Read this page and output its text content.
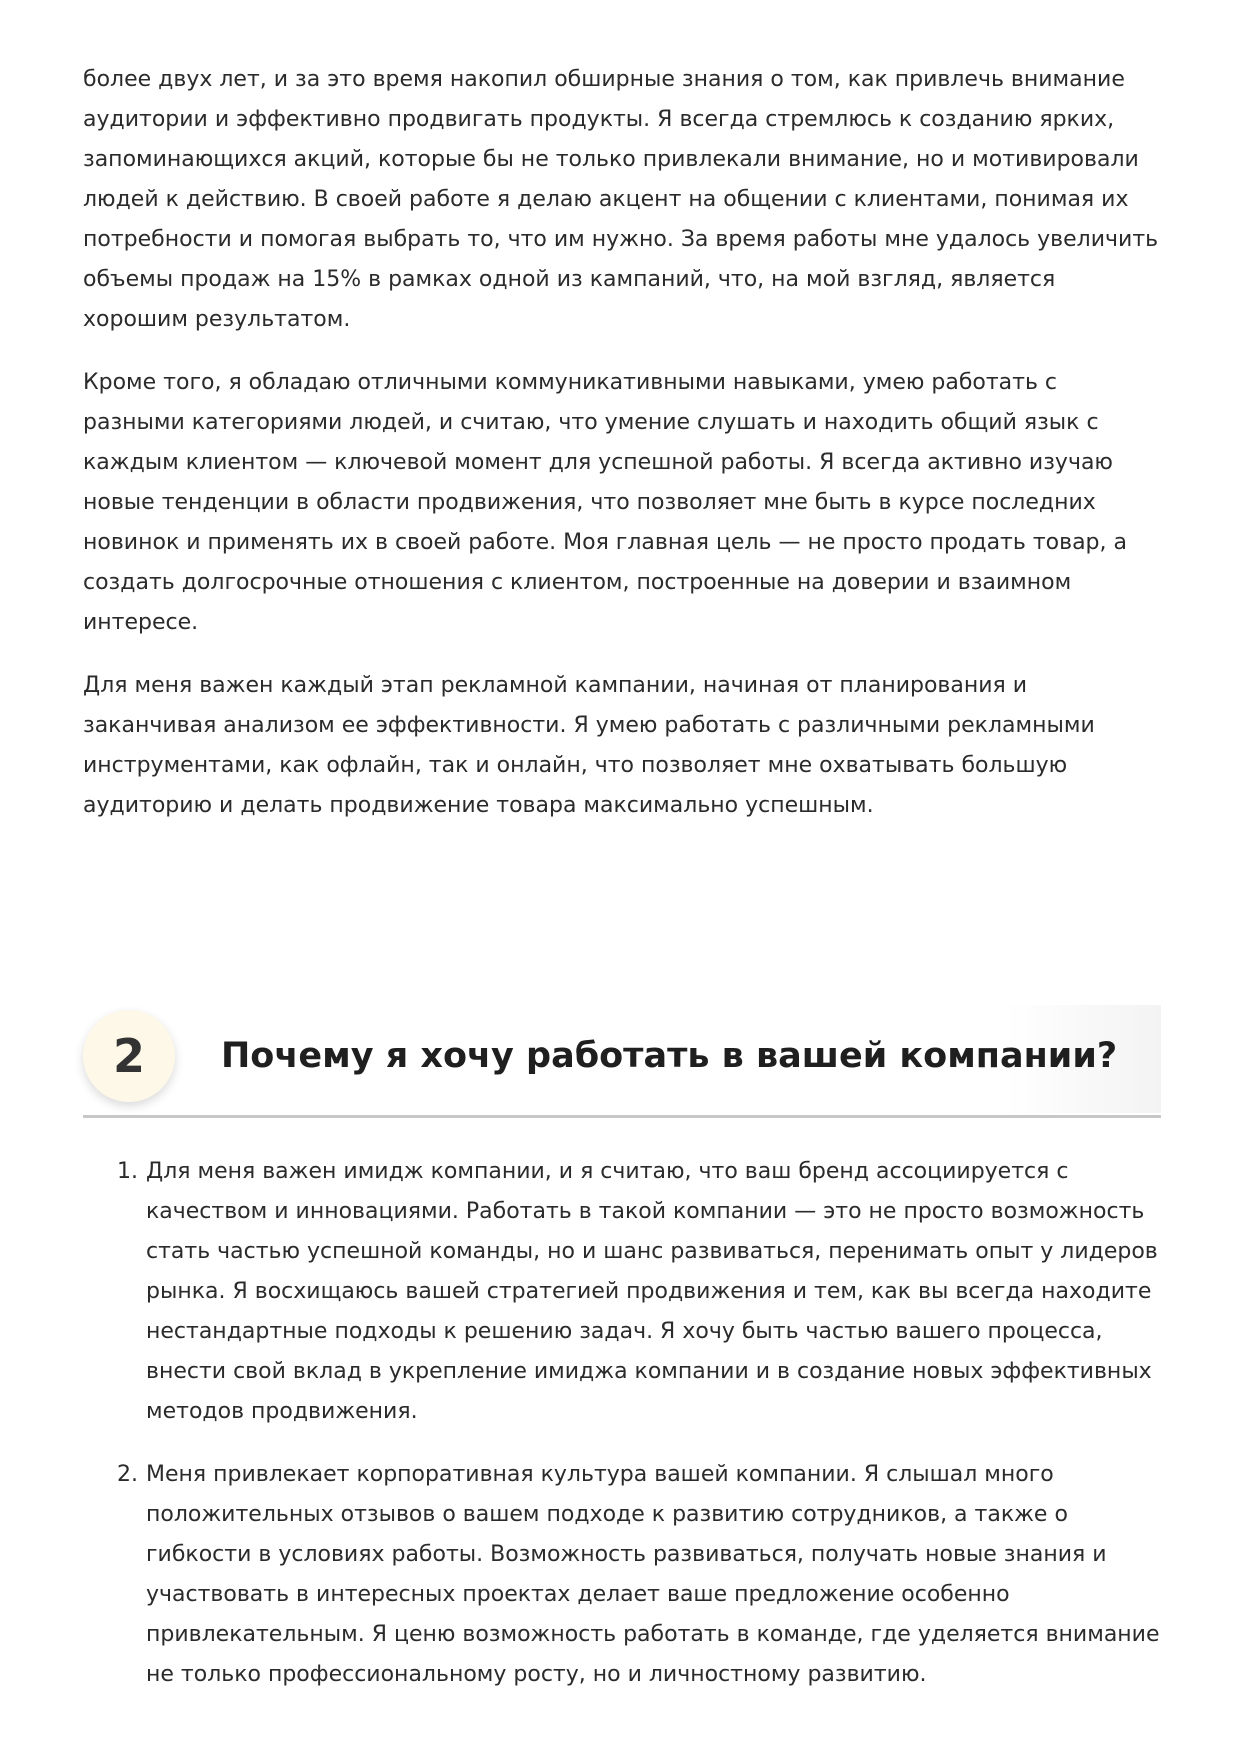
более двух лет, и за это время накопил обширные знания о том, как привлечь внимание аудитории и эффективно продвигать продукты. Я всегда стремлюсь к созданию ярких, запоминающихся акций, которые бы не только привлекали внимание, но и мотивировали людей к действию. В своей работе я делаю акцент на общении с клиентами, понимая их потребности и помогая выбрать то, что им нужно. За время работы мне удалось увеличить объемы продаж на 15% в рамках одной из кампаний, что, на мой взгляд, является хорошим результатом.

Кроме того, я обладаю отличными коммуникативными навыками, умею работать с разными категориями людей, и считаю, что умение слушать и находить общий язык с каждым клиентом — ключевой момент для успешной работы. Я всегда активно изучаю новые тенденции в области продвижения, что позволяет мне быть в курсе последних новинок и применять их в своей работе. Моя главная цель — не просто продать товар, а создать долгосрочные отношения с клиентом, построенные на доверии и взаимном интересе.

Для меня важен каждый этап рекламной кампании, начиная от планирования и заканчивая анализом ее эффективности. Я умею работать с различными рекламными инструментами, как офлайн, так и онлайн, что позволяет мне охватывать большую аудиторию и делать продвижение товара максимально успешным.

2	Почему я хочу работать в вашей компании?
1. Для меня важен имидж компании, и я считаю, что ваш бренд ассоциируется с качеством и инновациями. Работать в такой компании — это не просто возможность стать частью успешной команды, но и шанс развиваться, перенимать опыт у лидеров рынка. Я восхищаюсь вашей стратегией продвижения и тем, как вы всегда находите нестандартные подходы к решению задач. Я хочу быть частью вашего процесса, внести свой вклад в укрепление имиджа компании и в создание новых эффективных методов продвижения.
2. Меня привлекает корпоративная культура вашей компании. Я слышал много положительных отзывов о вашем подходе к развитию сотрудников, а также о гибкости в условиях работы. Возможность развиваться, получать новые знания и участвовать в интересных проектах делает ваше предложение особенно привлекательным. Я ценю возможность работать в команде, где уделяется внимание не только профессиональному росту, но и личностному развитию.
